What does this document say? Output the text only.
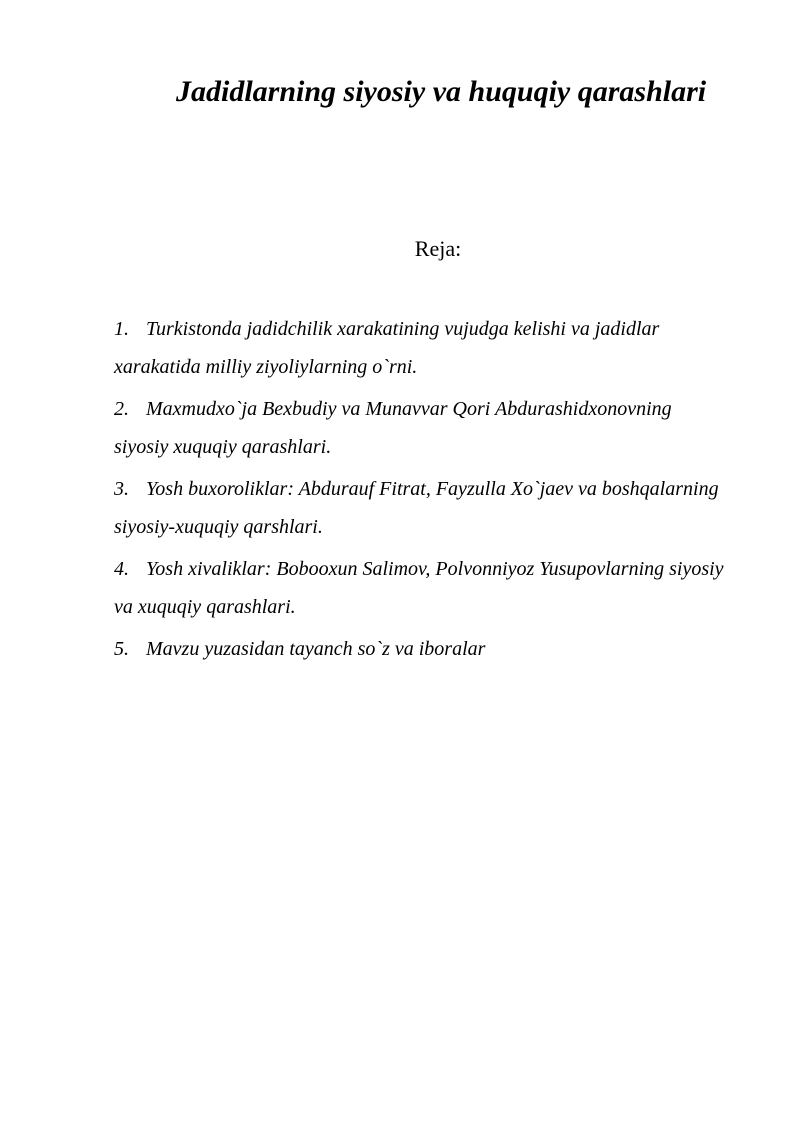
Jadidlarning siyosiy va huquqiy qarashlari

Reja:

1. Turkistonda jadidchilik xarakatining vujudga kelishi va jadidlar xarakatida milliy ziyoliylarning o`rni.
2. Maxmudxo`ja Bexbudiy va Munavvar Qori Abdurashidxonovning siyosiy xuquqiy qarashlari.
3. Yosh buxoroliklar: Abdurauf Fitrat, Fayzulla Xo`jaev va boshqalarning siyosiy-xuquqiy qarshlari.
4. Yosh xivaliklar: Bobooxun Salimov, Polvonniyoz Yusupovlarning siyosiy va xuquqiy qarashlari.
5. Mavzu yuzasidan tayanch so`z va iboralar
